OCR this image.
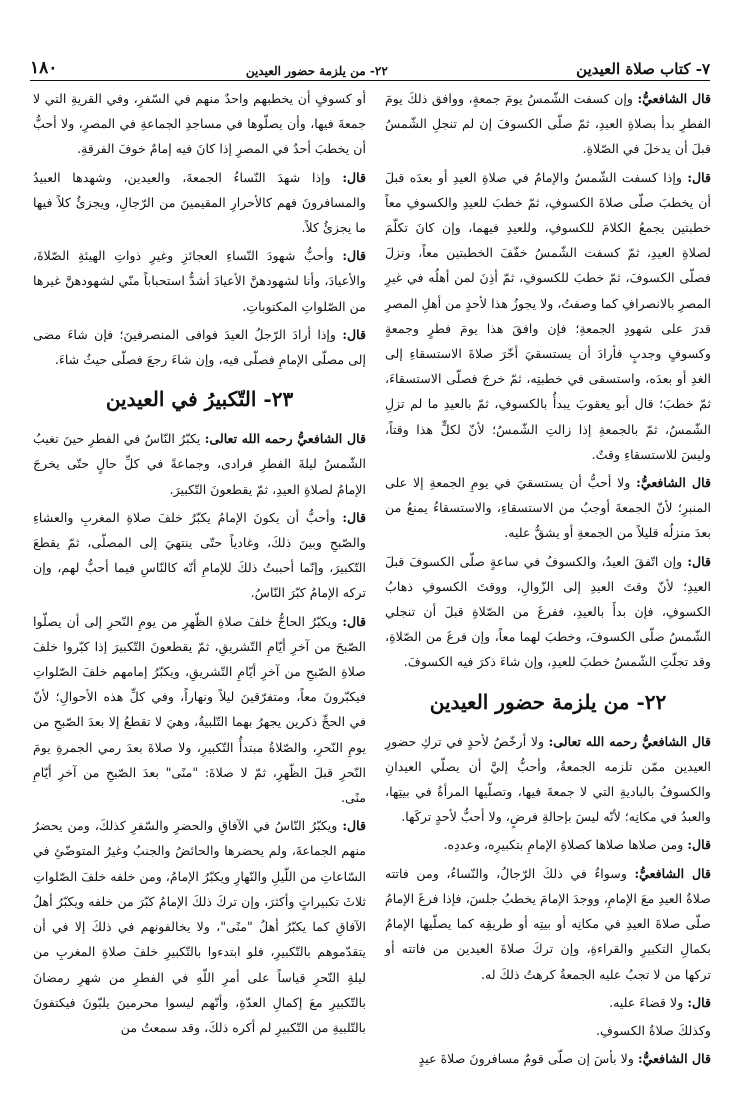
٧- كتاب صلاة العيدين
٢٢- من يلزمة حضور العيدين
١٨٠

قال الشافعيُّ: وإن كسفت الشّمسُ يومَ جمعةٍ، ووافق ذلكَ يومَ الفطرِ بدأ بصلاةِ العيدِ، ثمّ صلّى الكسوفَ إن لم تنجلِ الشّمسُ قبلَ أن يدخلَ في الصّلاةِ.

قال: وإذا كسفت الشّمسُ والإمامُ في صلاةِ العيدِ أو بعدَه قبلَ أن يخطبَ صلّى صلاةَ الكسوفِ، ثمّ خطبَ للعيدِ والكسوفِ معاً خطبتين يجمعُ الكلامَ للكسوفِ، وللعيدِ فيهما، وإن كانَ تكلّمَ لصلاةِ العيدِ، ثمّ كسفت الشّمسُ خفّفَ الخطبتين معاً، ونزلَ فصلّى الكسوفَ، ثمّ خطبَ للكسوفِ، ثمّ أذِنَ لمن أهلُه في غيرِ المصرِ بالانصرافِ كما وصفتُ، ولا يجوزُ هذا لأحدٍ من أهلِ المصرِ قدرَ على شهودِ الجمعةِ؛ فإن وافقَ هذا يومَ فطرٍ وجمعةٍ وكسوفٍ وجدبٍ فأرادَ أن يستسقيَ أخّرَ صلاةَ الاستسقاءِ إلى الغدِ أو بعدَه، واستسقى في خطبتِه، ثمّ خرجَ فصلّى الاستسقاءَ، ثمّ خطبَ؛ قال أبو يعقوبَ يبدأُ بالكسوفِ، ثمّ بالعيدِ ما لم تزلِ الشّمسُ، ثمّ بالجمعةِ إذا زالتِ الشّمسُ؛ لأنّ لكلٍّ هذا وقتاً، وليسَ للاستسقاءِ وقتٌ.

قال الشافعيُّ: ولا أحبُّ أن يستسقيَ في يومِ الجمعةِ إلا على المنبرِ؛ لأنّ الجمعةَ أوجبُ من الاستسقاءِ، والاستسقاءُ يمنعُ من بعدَ منزلُه قليلاً من الجمعةِ أو يشقُّ عليه.

قال: وإن اتّفقَ العيدُ، والكسوفُ في ساعةٍ صلّى الكسوفَ قبلَ العيدِ؛ لأنّ وقتَ العيدِ إلى الزّوالِ، ووقتَ الكسوفِ ذهابُ الكسوفِ، فإن بدأَ بالعيدِ، ففرغَ من الصّلاةِ قبلَ أن تنجلي الشّمسُ صلّى الكسوفَ، وخطبَ لهما معاً، وإن فرغَ من الصّلاةِ، وقد تجلّتِ الشّمسُ خطبَ للعيدِ، وإن شاءَ ذكرَ فيه الكسوفَ.

٢٢- من يلزمة حضور العيدين

قال الشافعيُّ رحمه الله تعالى: ولا أرخّصُ لأحدٍ في تركِ حضورِ العيدين ممّن تلزمه الجمعةُ، وأحبُّ إليَّ أن يصلّي العيدانِ والكسوفُ بالباديةِ التي لا جمعةَ فيها، وتصلّيها المرأةُ في بيتِها، والعبدُ في مكانِه؛ لأنّه ليسَ بإحالةِ فرضٍ، ولا أحبُّ لأحدٍ تركَها.

قال: ومن صلاها صلاها كصلاةِ الإمامِ بتكبيرِه، وعددِه.

قال الشافعيُّ: وسواءٌ في ذلكَ الرّجالُ، والنّساءُ، ومن فاتته صلاةُ العيدِ معَ الإمامِ، ووجدَ الإمامَ يخطبُ جلسَ، فإذا فرغَ الإمامُ صلّى صلاةَ العيدِ في مكانِه أو بيتِه أو طريقِه كما يصلّيها الإمامُ بكمالِ التكبيرِ والقراءةِ، وإن تركَ صلاةَ العيدين من فاتته أو تركها من لا تجبُ عليه الجمعةُ كرهتُ ذلكَ له.

قال: ولا قضاءَ عليه.

وكذلكَ صلاةُ الكسوفِ.

قال الشافعيُّ: ولا بأسَ إن صلّى قومٌ مسافرونَ صلاةَ عيدٍ

أو كسوفٍ أن يخطبهم واحدٌ منهم في السّفرِ، وفي القريةِ التي لا جمعةَ فيها، وأن يصلّوها في مساجدِ الجماعةِ في المصرِ، ولا أحبُّ أن يخطبَ أحدٌ في المصرِ إذا كانَ فيه إمامٌ خوفَ الفرقةِ.

قال: وإذا شهدَ النّساءُ الجمعةَ، والعيدين، وشهدها العبيدُ والمسافرونَ فهم كالأحرارِ المقيمينَ من الرّجالِ، ويجزئُ كلاً فيها ما يجزئُ كلاً.

قال: وأحبُّ شهودَ النّساءِ العجائزِ وغيرِ ذواتِ الهيئةِ الصّلاةَ، والأعيادَ، وأنا لشهودهنَّ الأعيادَ أشدُّ استحباباً منّي لشهودهنَّ غيرها من الصّلواتِ المكتوباتِ.

قال: وإذا أرادَ الرّجلُ العيدَ فوافى المنصرفينَ؛ فإن شاءَ مضى إلى مصلّى الإمامِ فصلّى فيه، وإن شاءَ رجعَ فصلّى حيثُ شاءَ.

٢٣- التّكبيرُ في العيدين

قال الشافعيُّ رحمه الله تعالى: يكبّرُ النّاسُ في الفطرِ حينَ تغيبُ الشّمسُ ليلةَ الفطرِ فرادى، وجماعةً في كلِّ حالٍ حتّى يخرجَ الإمامُ لصلاةِ العيدِ، ثمّ يقطعونَ التّكبيرَ.

قال: وأحبُّ أن يكونَ الإمامُ يكبّرُ خلفَ صلاةِ المغربِ والعشاءِ والصّبحِ وبينَ ذلكَ، وغادياً حتّى ينتهيَ إلى المصلّى، ثمّ يقطعَ التّكبيرَ، وإنّما أحببتُ ذلكَ للإمامِ أنّه كالنّاسِ فيما أحبُّ لهم، وإن تركه الإمامُ كبّرَ النّاسُ.

قال: ويكبّرُ الحاجُّ خلفَ صلاةِ الظّهرِ من يومِ النّحرِ إلى أن يصلّوا الصّبحَ من آخرِ أيّامِ التّشريقِ، ثمّ يقطعونَ التّكبيرَ إذا كبّروا خلفَ صلاةِ الصّبحِ من آخرِ أيّامِ التّشريقِ، ويكبّرُ إمامهم خلفَ الصّلواتِ فيكبّرونَ معاً، ومتفرّقينَ ليلاً ونهاراً، وفي كلِّ هذه الأحوالِ؛ لأنّ في الحجِّ ذكرين يجهرُ بهما التّلبيةُ، وهيَ لا تقطعُ إلا بعدَ الصّبحِ من يومِ النّحرِ، والصّلاةُ مبتدأُ التّكبيرِ، ولا صلاةَ بعدَ رمي الجمرةِ يومَ النّحرِ قبلَ الظّهرِ، ثمّ لا صلاةَ: "منًى" بعدَ الصّبحِ من آخرِ أيّامِ منًى.

قال: ويكبّرُ النّاسُ في الآفاقِ والحضرِ والسّفرِ كذلكَ، ومن يحضرُ منهم الجماعةَ، ولم يحضرها والحائضُ والجنبُ وغيرُ المتوضّئِ في السّاعاتِ من اللّيلِ والنّهارِ ويكبّرُ الإمامُ، ومن خلفه خلفَ الصّلواتِ ثلاثَ تكبيراتٍ وأكثرَ، وإن تركَ ذلكَ الإمامُ كبّرَ من خلفه ويكبّرُ أهلُ الآفاقِ كما يكبّرُ أهلُ "منًى"، ولا يخالفونهم في ذلكَ إلا في أن يتقدّموهم بالتّكبيرِ، فلو ابتدءوا بالتّكبيرِ خلفَ صلاةِ المغربِ من ليلةِ النّحرِ قياساً على أمرِ اللّهِ في الفطرِ من شهرِ رمضانَ بالتّكبيرِ معَ إكمالِ العدّةِ، وأنّهم ليسوا محرمينَ يلبّونَ فيكتفونَ بالتّلبيةِ من التّكبيرِ لم أكره ذلكَ، وقد سمعتُ من
